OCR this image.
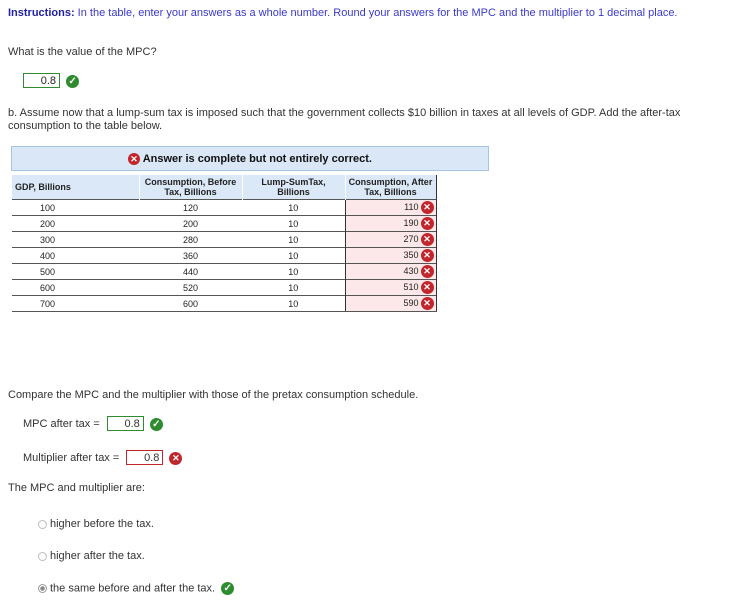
Instructions: In the table, enter your answers as a whole number. Round your answers for the MPC and the multiplier to 1 decimal place.
What is the value of the MPC?
0.8 ✓
b. Assume now that a lump-sum tax is imposed such that the government collects $10 billion in taxes at all levels of GDP. Add the after-tax consumption to the table below.
✕ Answer is complete but not entirely correct.
GDP, Billions	Consumption, Before Tax, Billions	Lump-SumTax, Billions	Consumption, After Tax, Billions
100	120	10	110 ✕
200	200	10	190 ✕
300	280	10	270 ✕
400	360	10	350 ✕
500	440	10	430 ✕
600	520	10	510 ✕
700	600	10	590 ✕
Compare the MPC and the multiplier with those of the pretax consumption schedule.
MPC after tax = 0.8 ✓
Multiplier after tax = 0.8 ✕
The MPC and multiplier are:
higher before the tax.
higher after the tax.
the same before and after the tax. ✓
